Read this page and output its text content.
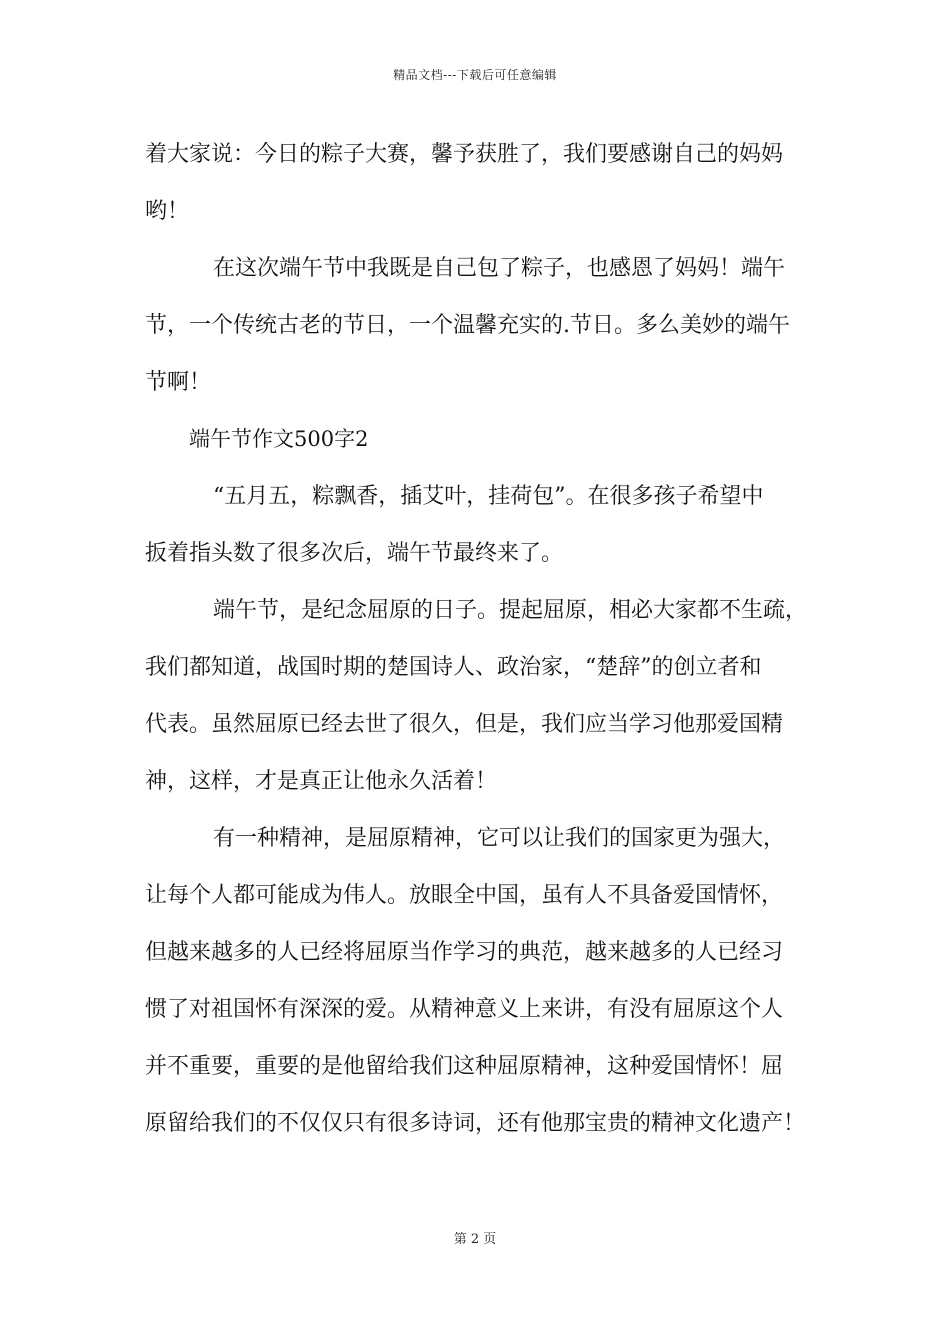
精品文档---下载后可任意编辑
着大家说：今日的粽子大赛，馨予获胜了，我们要感谢自己的妈妈
哟！
在这次端午节中我既是自己包了粽子，也感恩了妈妈！端午
节，一个传统古老的节日，一个温馨充实的.节日。多么美妙的端午
节啊！
端午节作文500字2
“五月五，粽飘香，插艾叶，挂荷包”。在很多孩子希望中
扳着指头数了很多次后，端午节最终来了。
端午节，是纪念屈原的日子。提起屈原，相必大家都不生疏，
我们都知道，战国时期的楚国诗人、政治家，“楚辞”的创立者和
代表。虽然屈原已经去世了很久，但是，我们应当学习他那爱国精
神，这样，才是真正让他永久活着！
有一种精神，是屈原精神，它可以让我们的国家更为强大，
让每个人都可能成为伟人。放眼全中国，虽有人不具备爱国情怀，
但越来越多的人已经将屈原当作学习的典范，越来越多的人已经习
惯了对祖国怀有深深的爱。从精神意义上来讲，有没有屈原这个人
并不重要，重要的是他留给我们这种屈原精神，这种爱国情怀！屈
原留给我们的不仅仅只有很多诗词，还有他那宝贵的精神文化遗产！
第 2 页
